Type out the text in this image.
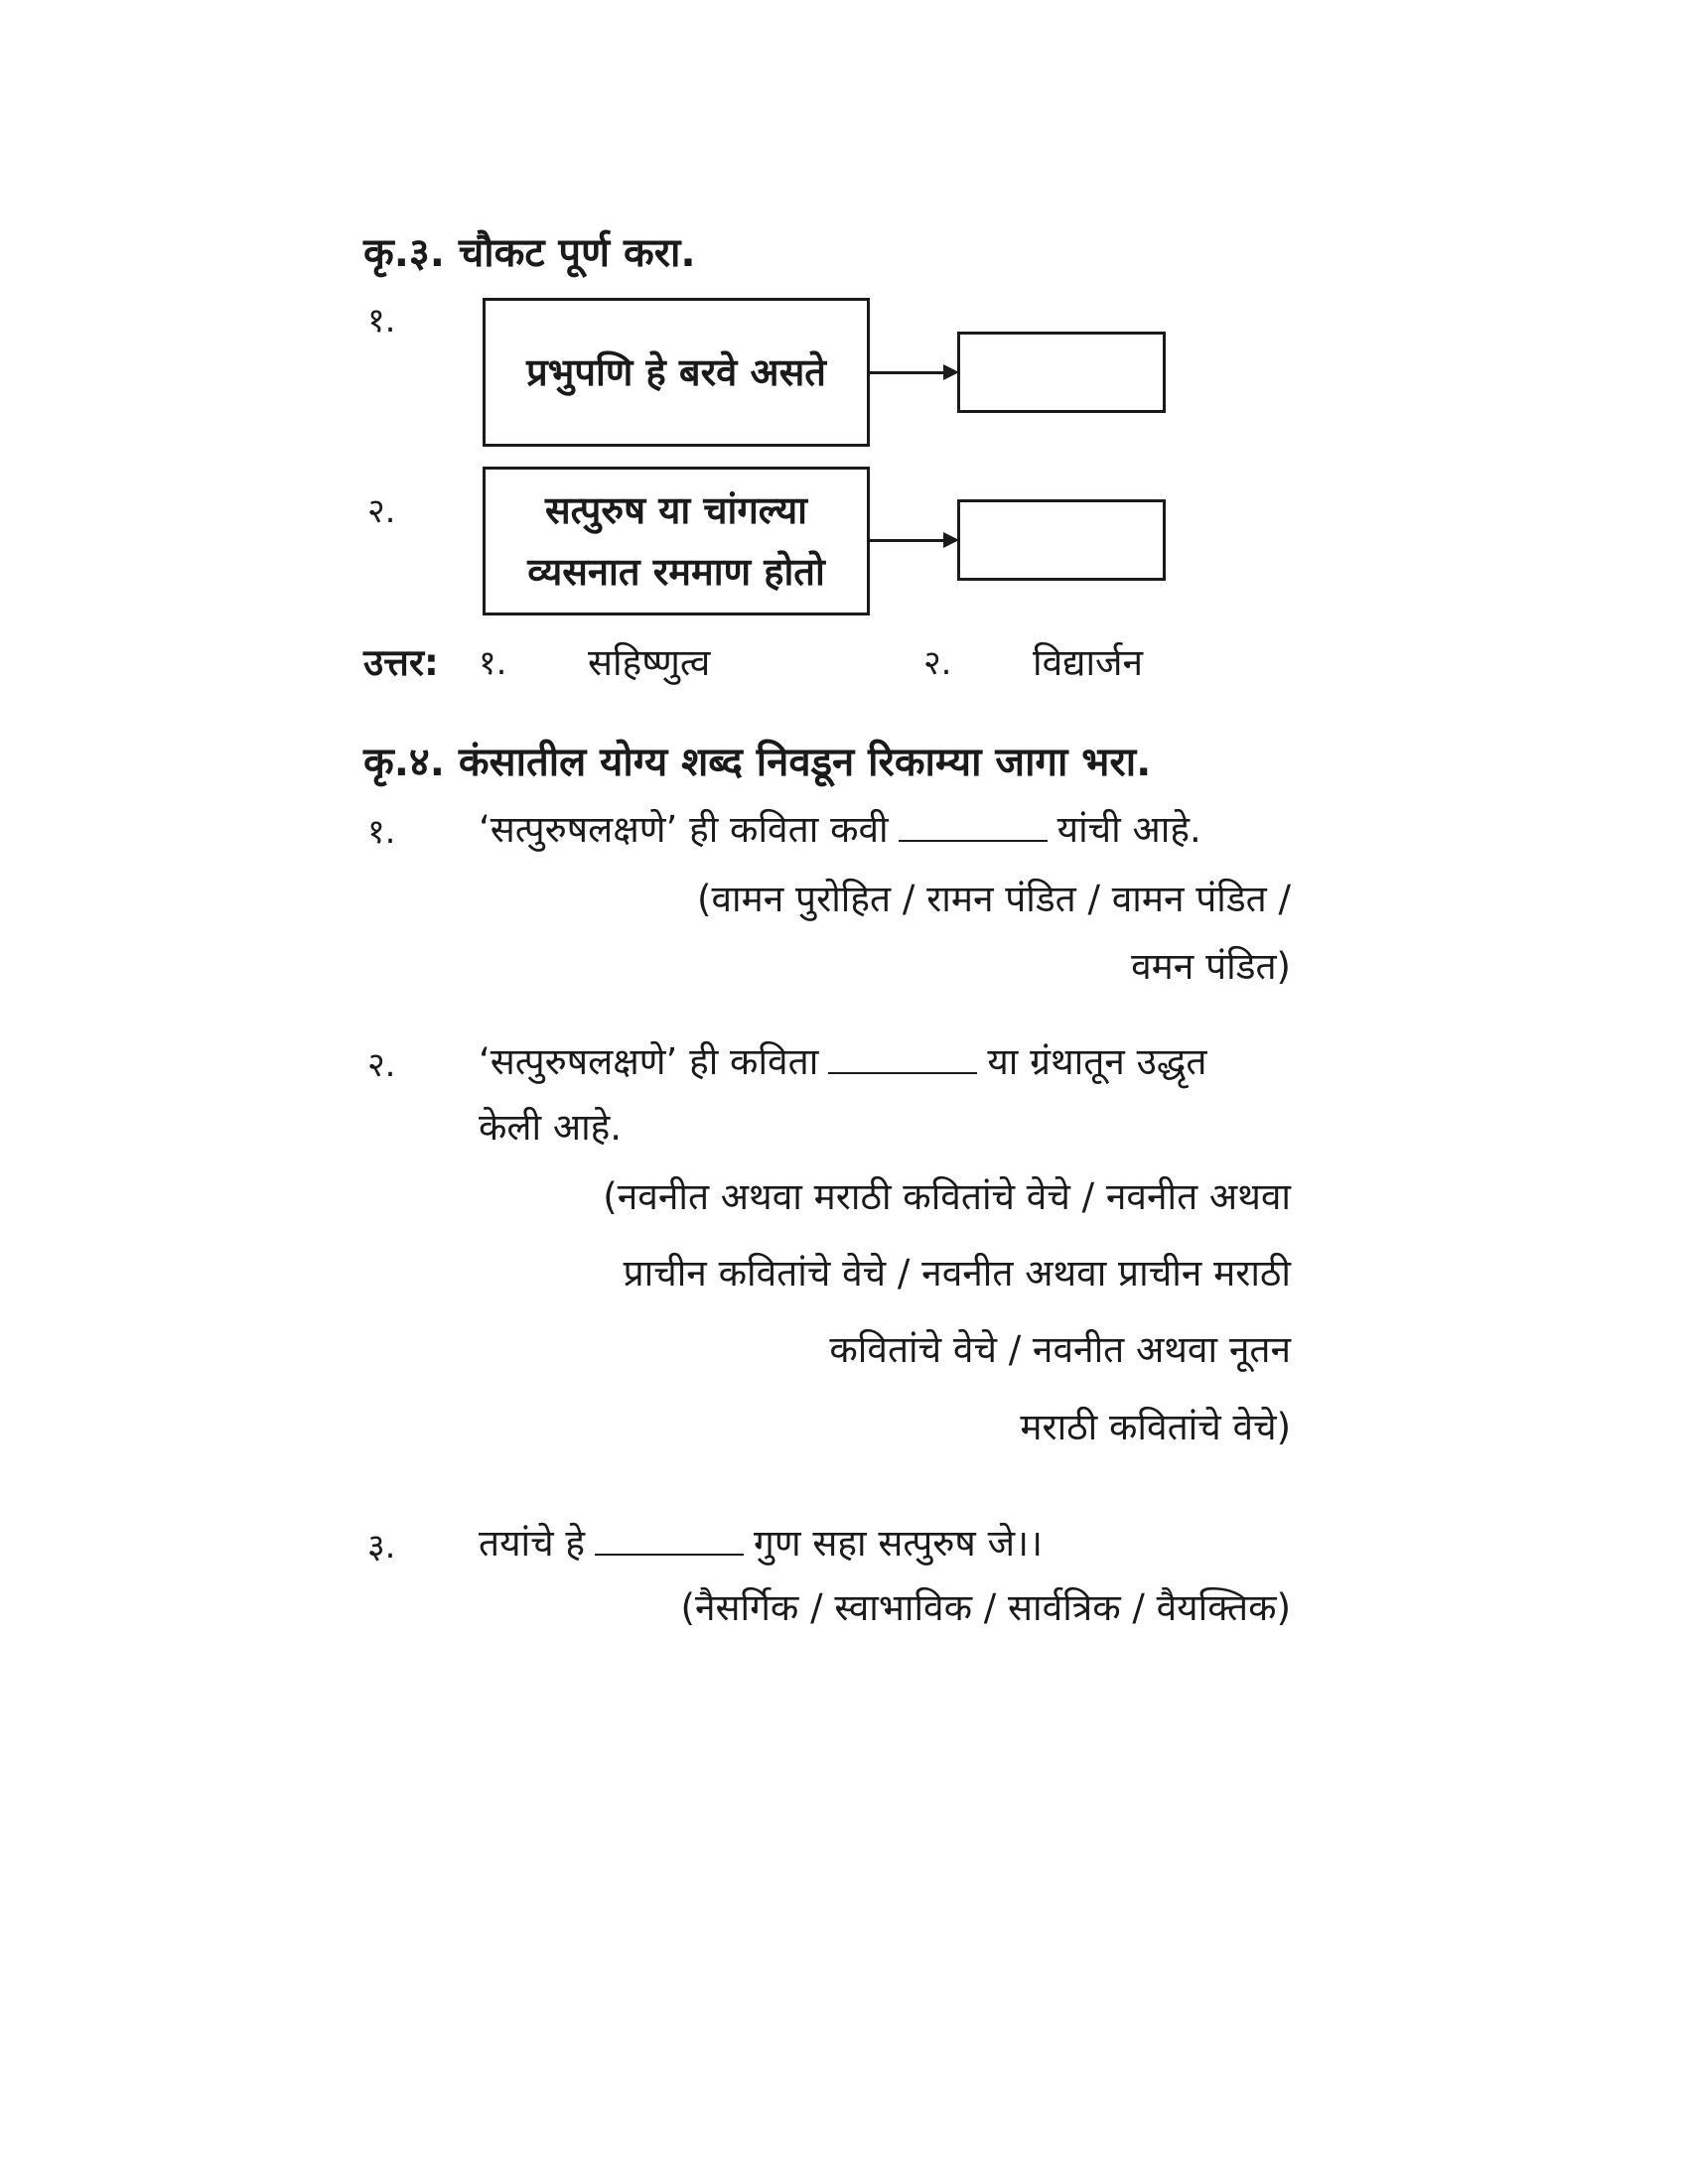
कृ.३. चौकट पूर्ण करा.
१.
प्रभुपणि हे बरवे असते
२.	सत्पुरुष या चांगल्या
व्यसनात रममाण होतो
उत्तर: १. सहिष्णुत्व	२. विद्यार्जन
कृ.४. कंसातील योग्य शब्द निवडून रिकाम्या जागा भरा.
१. ‘सत्पुरुषलक्षणे’ ही कविता कवी	यांची आहे.
(वामन पुरोहित / रामन पंडित / वामन पंडित /
वमन पंडित)
२. ‘सत्पुरुषलक्षणे’ ही कविता	या ग्रंथातून उद्धृत
केली आहे.
(नवनीत अथवा मराठी कवितांचे वेचे / नवनीत अथवा
प्राचीन कवितांचे वेचे / नवनीत अथवा प्राचीन मराठी
कवितांचे वेचे / नवनीत अथवा नूतन
मराठी कवितांचे वेचे)
३. तयांचे हे	गुण सहा सत्पुरुष जे।।
(नैसर्गिक / स्वाभाविक / सार्वत्रिक / वैयक्तिक)
